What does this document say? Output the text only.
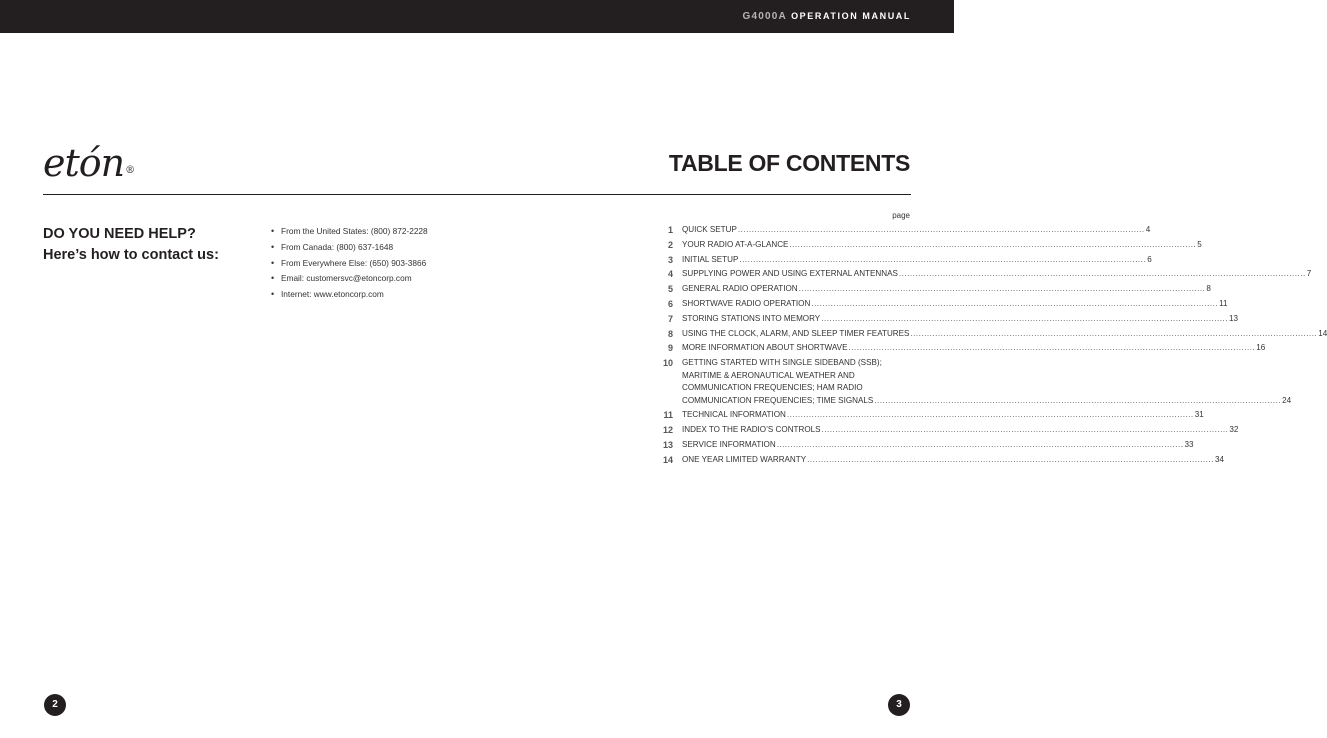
G4000A OPERATION MANUAL
etón®	TABLE OF CONTENTS
DO YOU NEED HELP?
Here’s how to contact us:
• From the United States: (800) 872-2228
• From Canada: (800) 637-1648
• From Everywhere Else: (650) 903-3866
• Email: customersvc@etoncorp.com
• Internet: www.etoncorp.com
page
1 QUICK SETUP .....	4
2 YOUR RADIO AT-A-GLANCE .....	5
3 INITIAL SETUP .....	6
4 SUPPLYING POWER AND USING EXTERNAL ANTENNAS .....	7
5 GENERAL RADIO OPERATION .....	8
6 SHORTWAVE RADIO OPERATION .....	11
7 STORING STATIONS INTO MEMORY .....	13
8 USING THE CLOCK, ALARM, AND SLEEP TIMER FEATURES .....	14
9 MORE INFORMATION ABOUT SHORTWAVE .....	16
10 GETTING STARTED WITH SINGLE SIDEBAND (SSB);
MARITIME & AERONAUTICAL WEATHER AND
COMMUNICATION FREQUENCIES; HAM RADIO
COMMUNICATION FREQUENCIES; TIME SIGNALS .....	24
11 TECHNICAL INFORMATION .....	31
12 INDEX TO THE RADIO’S CONTROLS .....	32
13 SERVICE INFORMATION .....	33
14 ONE YEAR LIMITED WARRANTY .....	34
2	3
